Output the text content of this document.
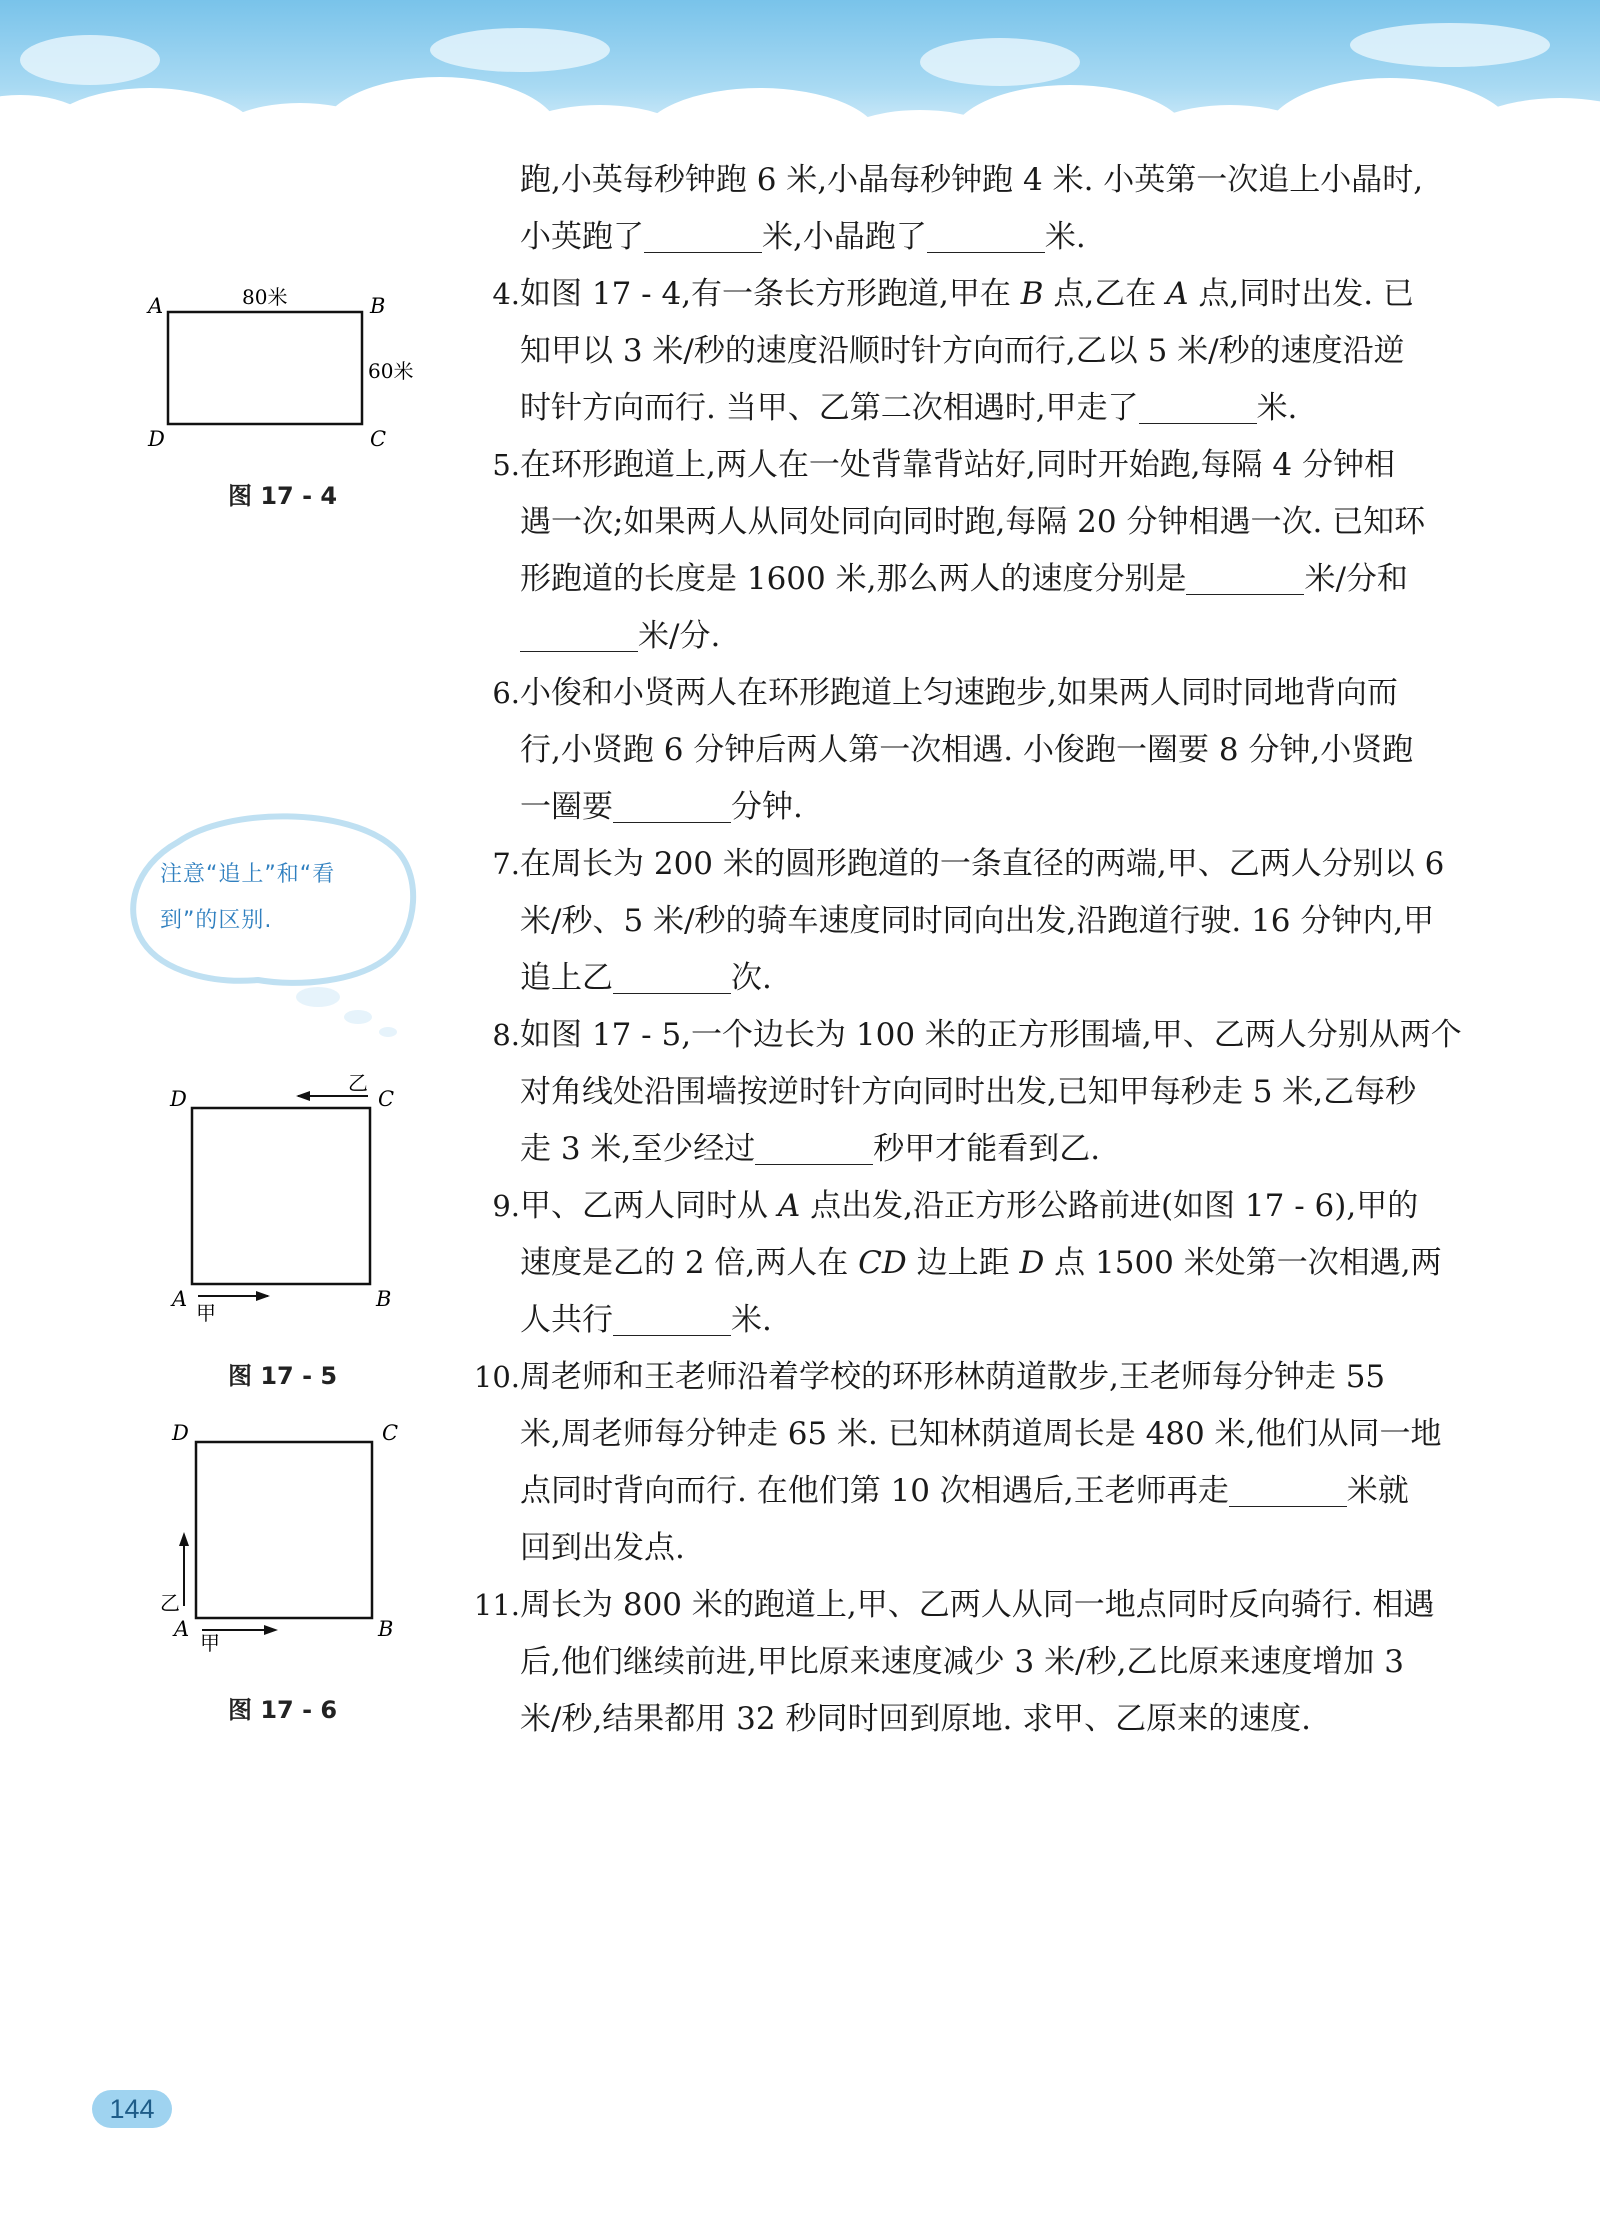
A	B
C
D
80米
60米
图 17 - 4
注意“追上”和“看
到”的区别.
D	C
A	B
乙
甲
图 17 - 5
D	C
A	B
乙
甲
图 17 - 6
跑,小英每秒钟跑 6 米,小晶每秒钟跑 4 米. 小英第一次追上小晶时,
小英跑了	米,小晶跑了	米.
4.如图 17 - 4,有一条长方形跑道,甲在 B 点,乙在 A 点,同时出发. 已
知甲以 3 米/秒的速度沿顺时针方向而行,乙以 5 米/秒的速度沿逆
时针方向而行. 当甲、乙第二次相遇时,甲走了	米.
5.在环形跑道上,两人在一处背靠背站好,同时开始跑,每隔 4 分钟相
遇一次;如果两人从同处同向同时跑,每隔 20 分钟相遇一次. 已知环
形跑道的长度是 1600 米,那么两人的速度分别是	米/分和
米/分.
6.小俊和小贤两人在环形跑道上匀速跑步,如果两人同时同地背向而
行,小贤跑 6 分钟后两人第一次相遇. 小俊跑一圈要 8 分钟,小贤跑
一圈要	分钟.
7.在周长为 200 米的圆形跑道的一条直径的两端,甲、乙两人分别以 6
米/秒、5 米/秒的骑车速度同时同向出发,沿跑道行驶. 16 分钟内,甲
追上乙	次.
8.如图 17 - 5,一个边长为 100 米的正方形围墙,甲、乙两人分别从两个
对角线处沿围墙按逆时针方向同时出发,已知甲每秒走 5 米,乙每秒
走 3 米,至少经过	秒甲才能看到乙.
9.甲、乙两人同时从 A 点出发,沿正方形公路前进(如图 17 - 6),甲的
速度是乙的 2 倍,两人在 CD 边上距 D 点 1500 米处第一次相遇,两
人共行	米.
10.周老师和王老师沿着学校的环形林荫道散步,王老师每分钟走 55
米,周老师每分钟走 65 米. 已知林荫道周长是 480 米,他们从同一地
点同时背向而行. 在他们第 10 次相遇后,王老师再走	米就
回到出发点.
11.周长为 800 米的跑道上,甲、乙两人从同一地点同时反向骑行. 相遇
后,他们继续前进,甲比原来速度减少 3 米/秒,乙比原来速度增加 3
米/秒,结果都用 32 秒同时回到原地. 求甲、乙原来的速度.
144
